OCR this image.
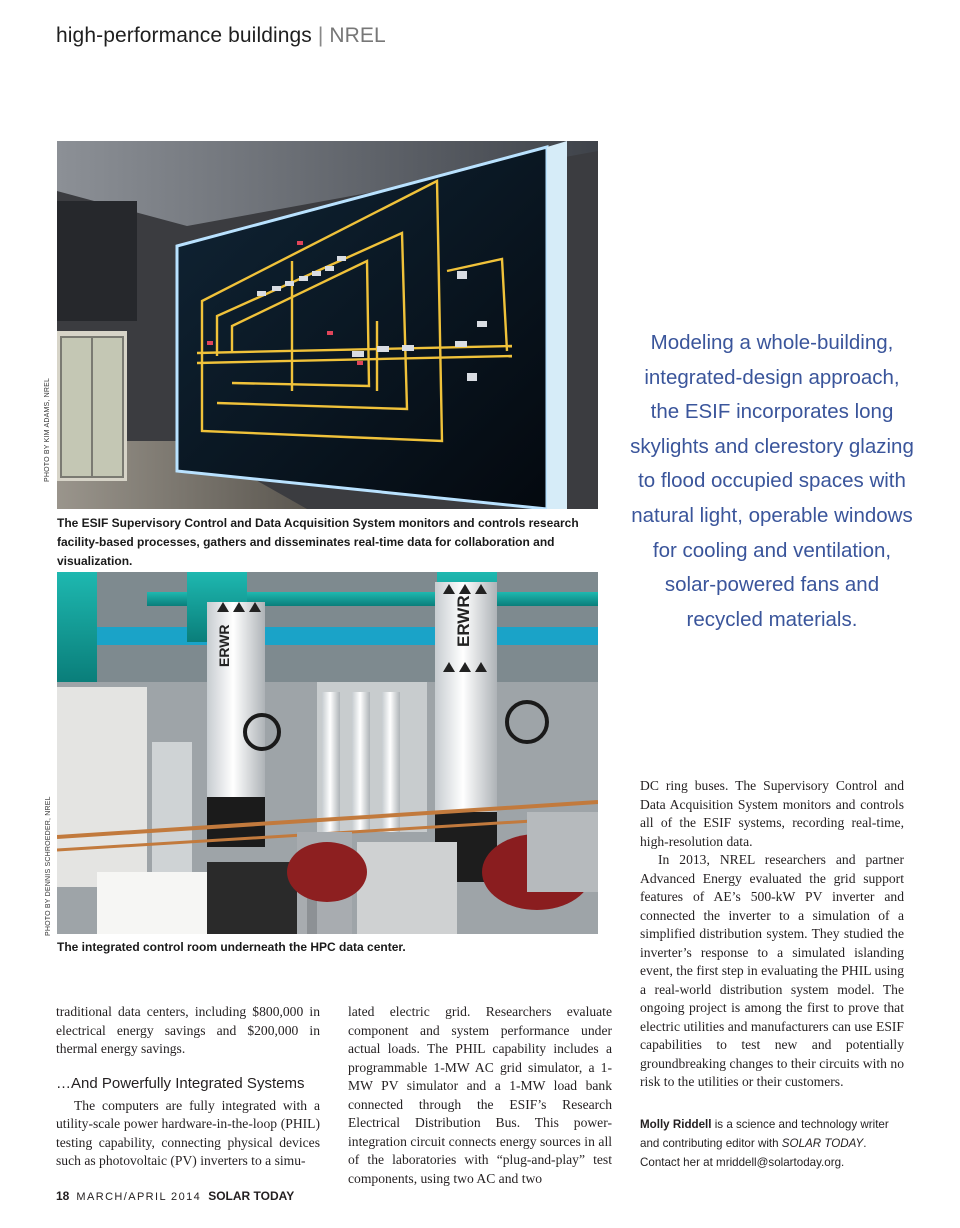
high-performance buildings | NREL
PHOTO BY KIM ADAMS, NREL
The ESIF Supervisory Control and Data Acquisition System monitors and controls research facility-based processes, gathers and disseminates real-time data for collaboration and visualization.
ERWR	ERWR
PHOTO BY DENNIS SCHROEDER, NREL
The integrated control room underneath the HPC data center.
Modeling a whole-building, integrated-design approach, the ESIF incorporates long skylights and clerestory glazing to flood occupied spaces with natural light, operable windows for cooling and ventilation, solar-powered fans and recycled materials.

traditional data centers, including $800,000 in electrical energy savings and $200,000 in thermal energy savings.

…And Powerfully Integrated Systems

The computers are fully integrated with a utility-scale power hardware-in-the-loop (PHIL) testing capability, connecting physical devices such as photovoltaic (PV) inverters to a simu-

lated electric grid. Researchers evaluate component and system performance under actual loads. The PHIL capability includes a programmable 1-MW AC grid simulator, a 1-MW PV simulator and a 1-MW load bank connected through the ESIF’s Research Electrical Distribution Bus. This power-integration circuit connects energy sources in all of the laboratories with “plug-and-play” test components, using two AC and two

DC ring buses. The Supervisory Control and Data Acquisition System monitors and controls all of the ESIF systems, recording real-time, high-resolution data.

In 2013, NREL researchers and partner Advanced Energy evaluated the grid support features of AE’s 500-kW PV inverter and connected the inverter to a simulation of a simplified distribution system. They studied the inverter’s response to a simulated islanding event, the first step in evaluating the PHIL using a real-world distribution system model. The ongoing project is among the first to prove that electric utilities and manufacturers can use ESIF capabilities to test new and potentially groundbreaking changes to their circuits with no risk to the utilities or their customers.

Molly Riddell is a science and technology writer and contributing editor with SOLAR TODAY. Contact her at mriddell@solartoday.org.
18 MARCH/APRIL 2014 SOLAR TODAY
